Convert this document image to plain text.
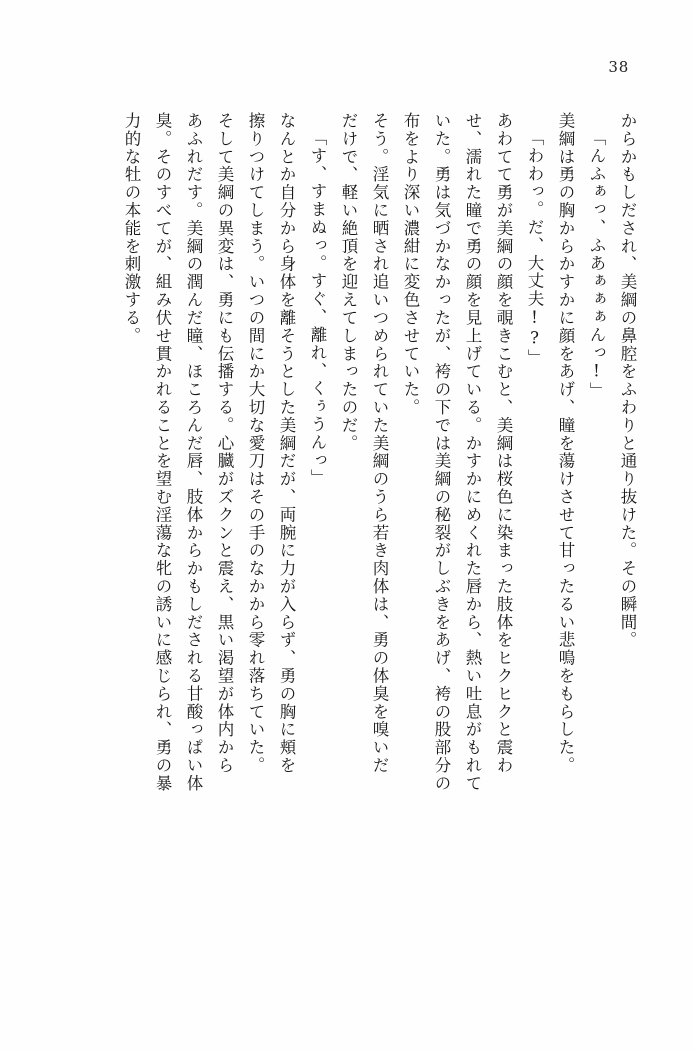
38
からかもしだされ、美綱の鼻腔をふわりと通り抜けた。その瞬間。
「んふぁっ、ふあぁぁぁんっ!」
美綱は勇の胸からかすかに顔をあげ、瞳を蕩けさせて甘ったるい悲鳴をもらした。
「わわっ。だ、大丈夫!?」
あわてて勇が美綱の顔を覗きこむと、美綱は桜色に染まった肢体をヒクヒクと震わ
せ、濡れた瞳で勇の顔を見上げている。かすかにめくれた唇から、熱い吐息がもれて
いた。勇は気づかなかったが、袴の下では美綱の秘裂がしぶきをあげ、袴の股部分の
布をより深い濃紺に変色させていた。
そう。淫気に晒され追いつめられていた美綱のうら若き肉体は、勇の体臭を嗅いだ
だけで、軽い絶頂を迎えてしまったのだ。
「す、すまぬっ。すぐ、離れ、くぅうんっ」
なんとか自分から身体を離そうとした美綱だが、両腕に力が入らず、勇の胸に頬を
擦りつけてしまう。いつの間にか大切な愛刀はその手のなかから零れ落ちていた。
そして美綱の異変は、勇にも伝播する。心臓がズクンと震え、黒い渇望が体内から
あふれだす。美綱の潤んだ瞳、ほころんだ唇、肢体からかもしだされる甘酸っぱい体
臭。そのすべてが、組み伏せ貫かれることを望む淫蕩な牝の誘いに感じられ、勇の暴
力的な牡の本能を刺激する。
